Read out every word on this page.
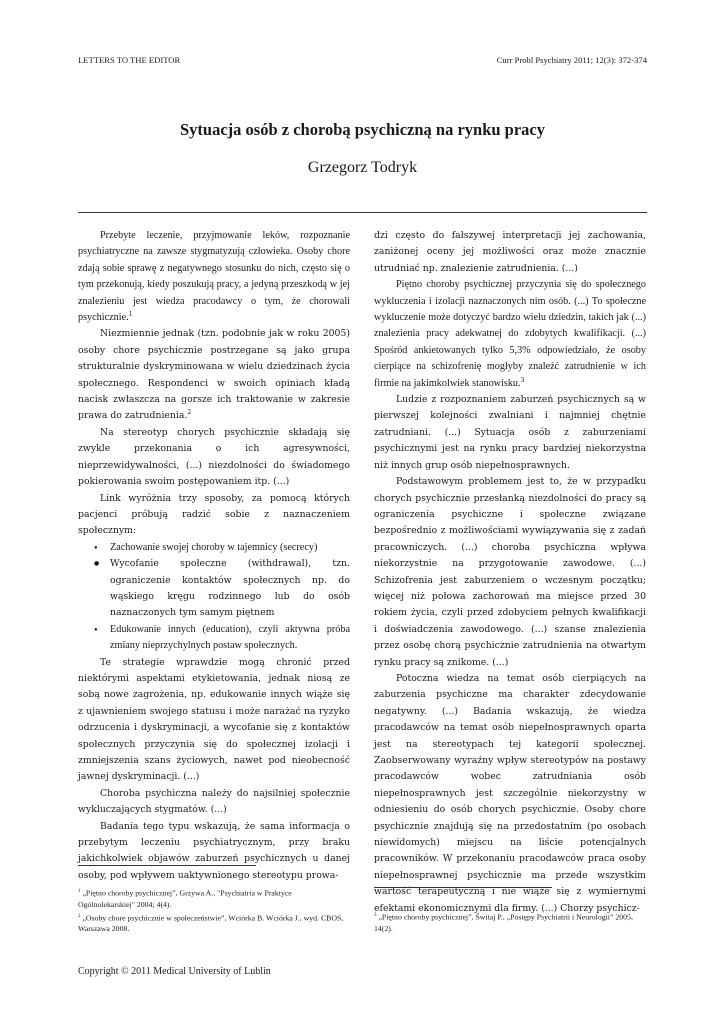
LETTERS TO THE EDITOR	Curr Probl Psychiatry 2011; 12(3): 372-374
Sytuacja osób z chorobą psychiczną na rynku pracy
Grzegorz Todryk

Przebyte leczenie, przyjmowanie leków, rozpoznanie psychiatryczne na zawsze stygmatyzują człowieka. Osoby chore zdają sobie sprawę z negatywnego stosunku do nich, często się o tym przekonują, kiedy poszukują pracy, a jedyną przeszkodą w jej znalezieniu jest wiedza pracodawcy o tym, że chorowali psychicznie.$^1$

Niezmiennie jednak (tzn. podobnie jak w roku 2005) osoby chore psychicznie postrzegane są jako grupa strukturalnie dyskryminowana w wielu dziedzinach życia społecznego. Respondenci w swoich opiniach kładą nacisk zwłaszcza na gorsze ich traktowanie w zakresie prawa do zatrudnienia.$^2$

Na stereotyp chorych psychicznie składają się zwykle przekonania o ich agresywności, nieprzewidywalności, (...) niezdolności do świadomego pokierowania swoim postępowaniem itp. (...)

Link wyróżnia trzy sposoby, za pomocą których pacjenci próbują radzić sobie z naznaczeniem społecznym:

● Zachowanie swojej choroby w tajemnicy (secrecy)
● Wycofanie społeczne (withdrawal), tzn. ograniczenie kontaktów społecznych np. do wąskiego kręgu rodzinnego lub do osób naznaczonych tym samym piętnem
● Edukowanie innych (education), czyli aktywna próba zmiany nieprzychylnych postaw społecznych.

Te strategie wprawdzie mogą chronić przed niektórymi aspektami etykietowania, jednak niosą ze sobą nowe zagrożenia, np. edukowanie innych wiąże się z ujawnieniem swojego statusu i może narażać na ryzyko odrzucenia i dyskryminacji, a wycofanie się z kontaktów społecznych przyczynia się do społecznej izolacji i zmniejszenia szans życiowych, nawet pod nieobecność jawnej dyskryminacji. (...)

Choroba psychiczna należy do najsilniej społecznie wykluczających stygmatów. (...)

Badania tego typu wskazują, że sama informacja o przebytym leczeniu psychiatrycznym, przy braku jakichkolwiek objawów zaburzeń psychicznych u danej osoby, pod wpływem uaktywnionego stereotypu prowa-

dzi często do fałszywej interpretacji jej zachowania, zaniżonej oceny jej możliwości oraz może znacznie utrudniać np. znalezienie zatrudnienia. (...)

Piętno choroby psychicznej przyczynia się do społecznego wykluczenia i izolacji naznaczonych nim osób. (...) To społeczne wykluczenie może dotyczyć bardzo wielu dziedzin, takich jak (...) znalezienia pracy adekwatnej do zdobytych kwalifikacji. (...) Spośród ankietowanych tylko 5,3% odpowiedziało, że osoby cierpiące na schizofrenię mogłyby znaleźć zatrudnienie w ich firmie na jakimkolwiek stanowisku.$^3$

Ludzie z rozpoznaniem zaburzeń psychicznych są w pierwszej kolejności zwalniani i najmniej chętnie zatrudniani. (...) Sytuacja osób z zaburzeniami psychicznymi jest na rynku pracy bardziej niekorzystna niż innych grup osób niepełnosprawnych.

Podstawowym problemem jest to, że w przypadku chorych psychicznie przesłanką niezdolności do pracy są ograniczenia psychiczne i społeczne związane bezpośrednio z możliwościami wywiązywania się z zadań pracowniczych. (...) choroba psychiczna wpływa niekorzystnie na przygotowanie zawodowe. (...) Schizofrenia jest zaburzeniem o wczesnym początku; więcej niż połowa zachorowań ma miejsce przed 30 rokiem życia, czyli przed zdobyciem pełnych kwalifikacji i doświadczenia zawodowego. (...) szanse znalezienia przez osobę chorą psychicznie zatrudnienia na otwartym rynku pracy są znikome. (...)

Potoczna wiedza na temat osób cierpiących na zaburzenia psychiczne ma charakter zdecydowanie negatywny. (...) Badania wskazują, że wiedza pracodawców na temat osób niepełnosprawnych oparta jest na stereotypach tej kategorii społecznej. Zaobserwowany wyraźny wpływ stereotypów na postawy pracodawców wobec zatrudniania osób niepełnosprawnych jest szczególnie niekorzystny w odniesieniu do osób chorych psychicznie. Osoby chore psychicznie znajdują się na przedostatnim (po osobach niewidomych) miejscu na liście potencjalnych pracowników. W przekonaniu pracodawców praca osoby niepełnosprawnej psychicznie ma przede wszystkim wartość terapeutyczną i nie wiąże się z wymiernymi efektami ekonomicznymi dla firmy. (...) Chorzy psychicz-

$^1$ „Piętno choroby psychicznej”, Grzywa A., "Psychiatria w Praktyce Ogólnolekarskiej" 2004; 4(4).

$^2$ „Osoby chore psychicznie w społeczeństwie”, Wciórka B. Wciórka J., wyd. CBOS, Warszawa 2008.

$^3$ „Piętno choroby psychicznej”, Świtaj P., „Postępy Psychiatrii i Neurologii” 2005, 14(2).

Copyright © 2011 Medical University of Lublin
